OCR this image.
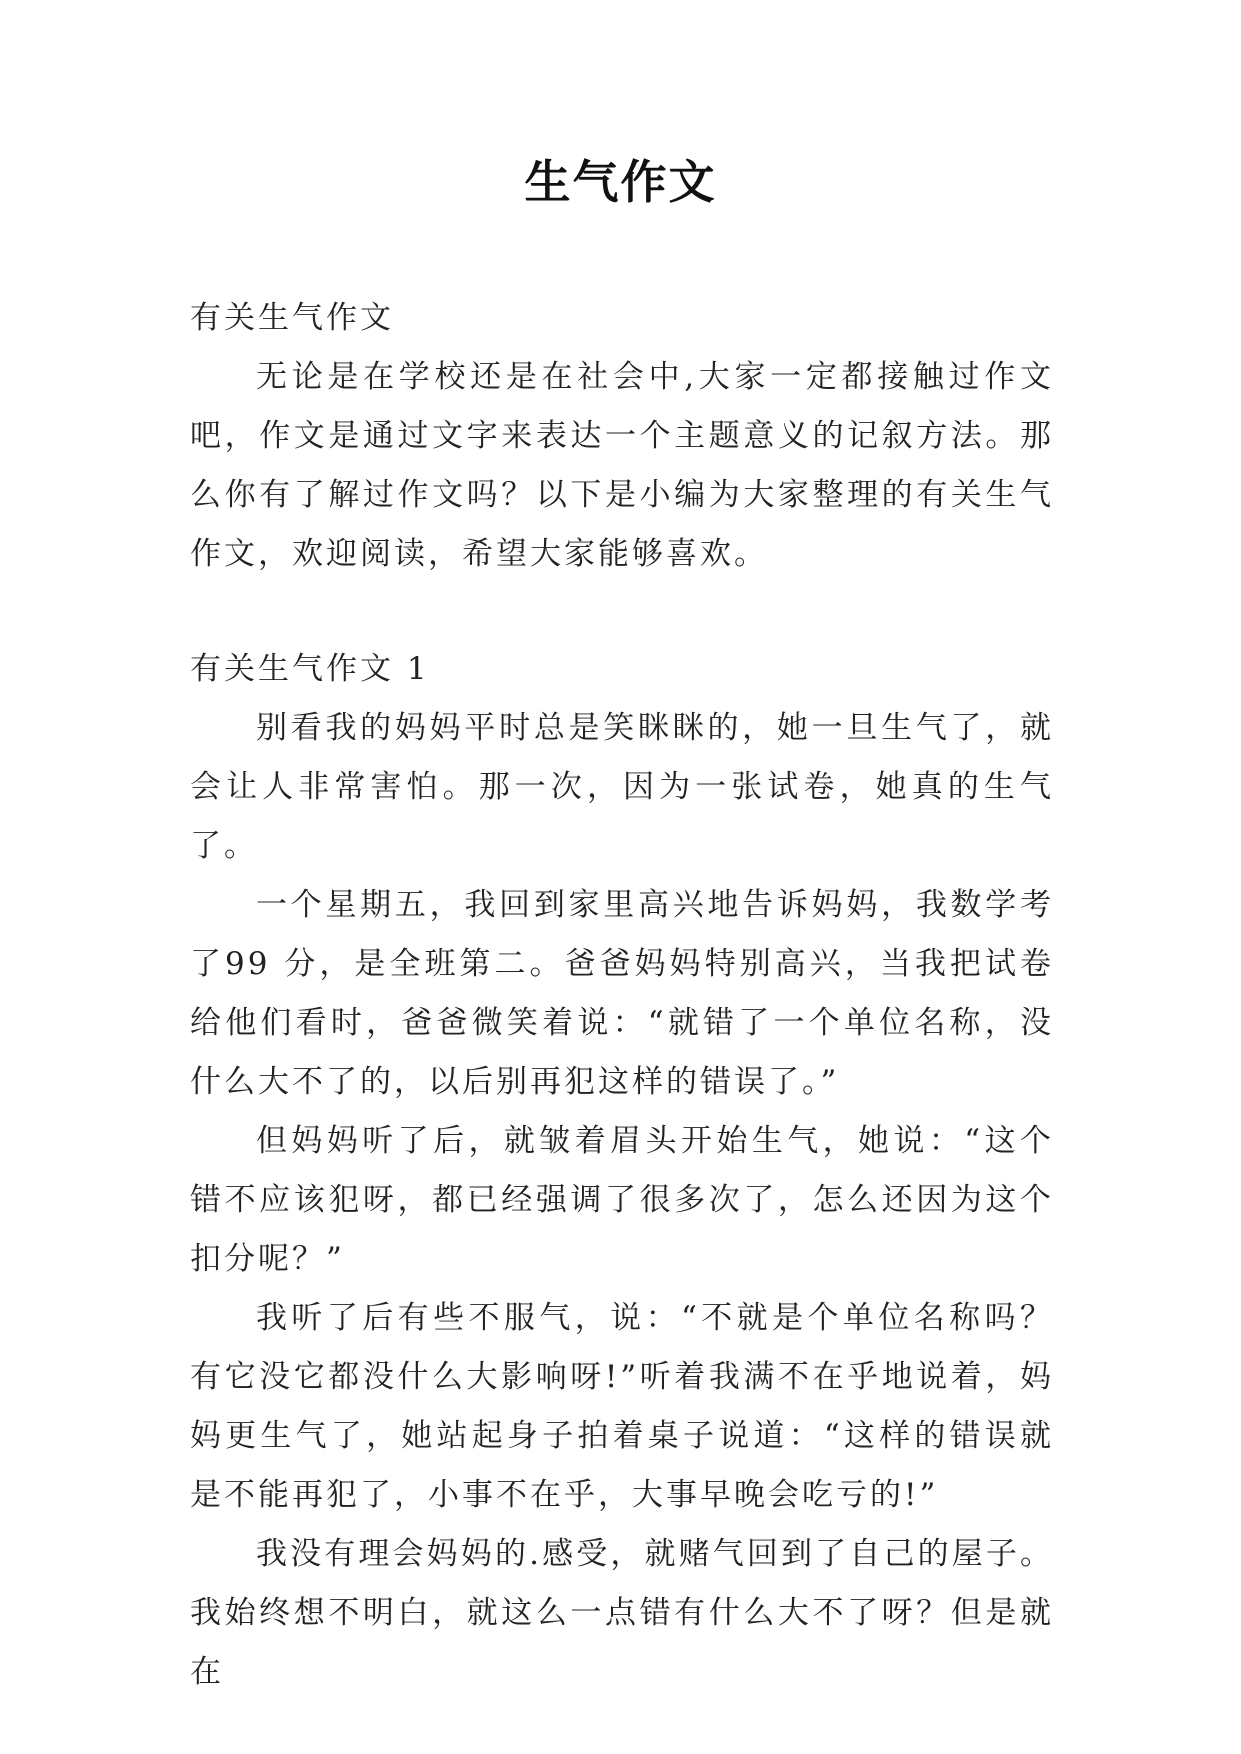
生气作文

有关生气作文

无论是在学校还是在社会中,大家一定都接触过作文吧，作文是通过文字来表达一个主题意义的记叙方法。那么你有了解过作文吗？以下是小编为大家整理的有关生气作文，欢迎阅读，希望大家能够喜欢。

有关生气作文 1

别看我的妈妈平时总是笑眯眯的，她一旦生气了，就会让人非常害怕。那一次，因为一张试卷，她真的生气了。

一个星期五，我回到家里高兴地告诉妈妈，我数学考了99 分，是全班第二。爸爸妈妈特别高兴，当我把试卷给他们看时，爸爸微笑着说：“就错了一个单位名称，没什么大不了的，以后别再犯这样的错误了。”

但妈妈听了后，就皱着眉头开始生气，她说：“这个错不应该犯呀，都已经强调了很多次了，怎么还因为这个扣分呢？”

我听了后有些不服气，说：“不就是个单位名称吗？有它没它都没什么大影响呀!”听着我满不在乎地说着，妈妈更生气了，她站起身子拍着桌子说道：“这样的错误就是不能再犯了，小事不在乎，大事早晚会吃亏的!”

我没有理会妈妈的.感受，就赌气回到了自己的屋子。我始终想不明白，就这么一点错有什么大不了呀？但是就在
